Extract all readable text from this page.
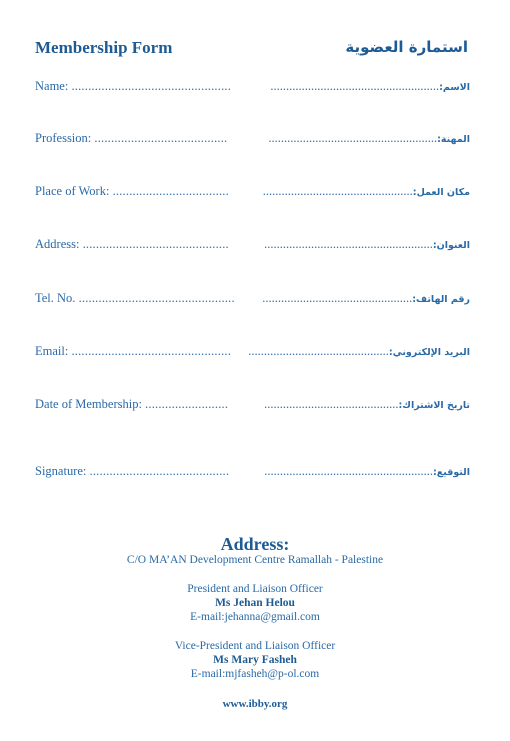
Membership Form	استمارة العضوية
Name: ................................................	الاسم:......................................................
Profession: ........................................	المهنة:......................................................
Place of Work: ...................................	مكان العمل:................................................
Address: ............................................	العنوان:......................................................
Tel. No. ...............................................	رقم الهاتف:................................................
Email: ................................................	البريد الإلكتروني:.............................................
Date of Membership: .........................	تاريخ الاشتراك:...........................................
Signature: ..........................................	التوقيع:......................................................
Address:
C/O MA’AN Development Centre Ramallah - Palestine
President and Liaison Officer
Ms Jehan Helou
E-mail:jehanna@gmail.com
Vice-President and Liaison Officer
Ms Mary Fasheh
E-mail:mjfasheh@p-ol.com
www.ibby.org
